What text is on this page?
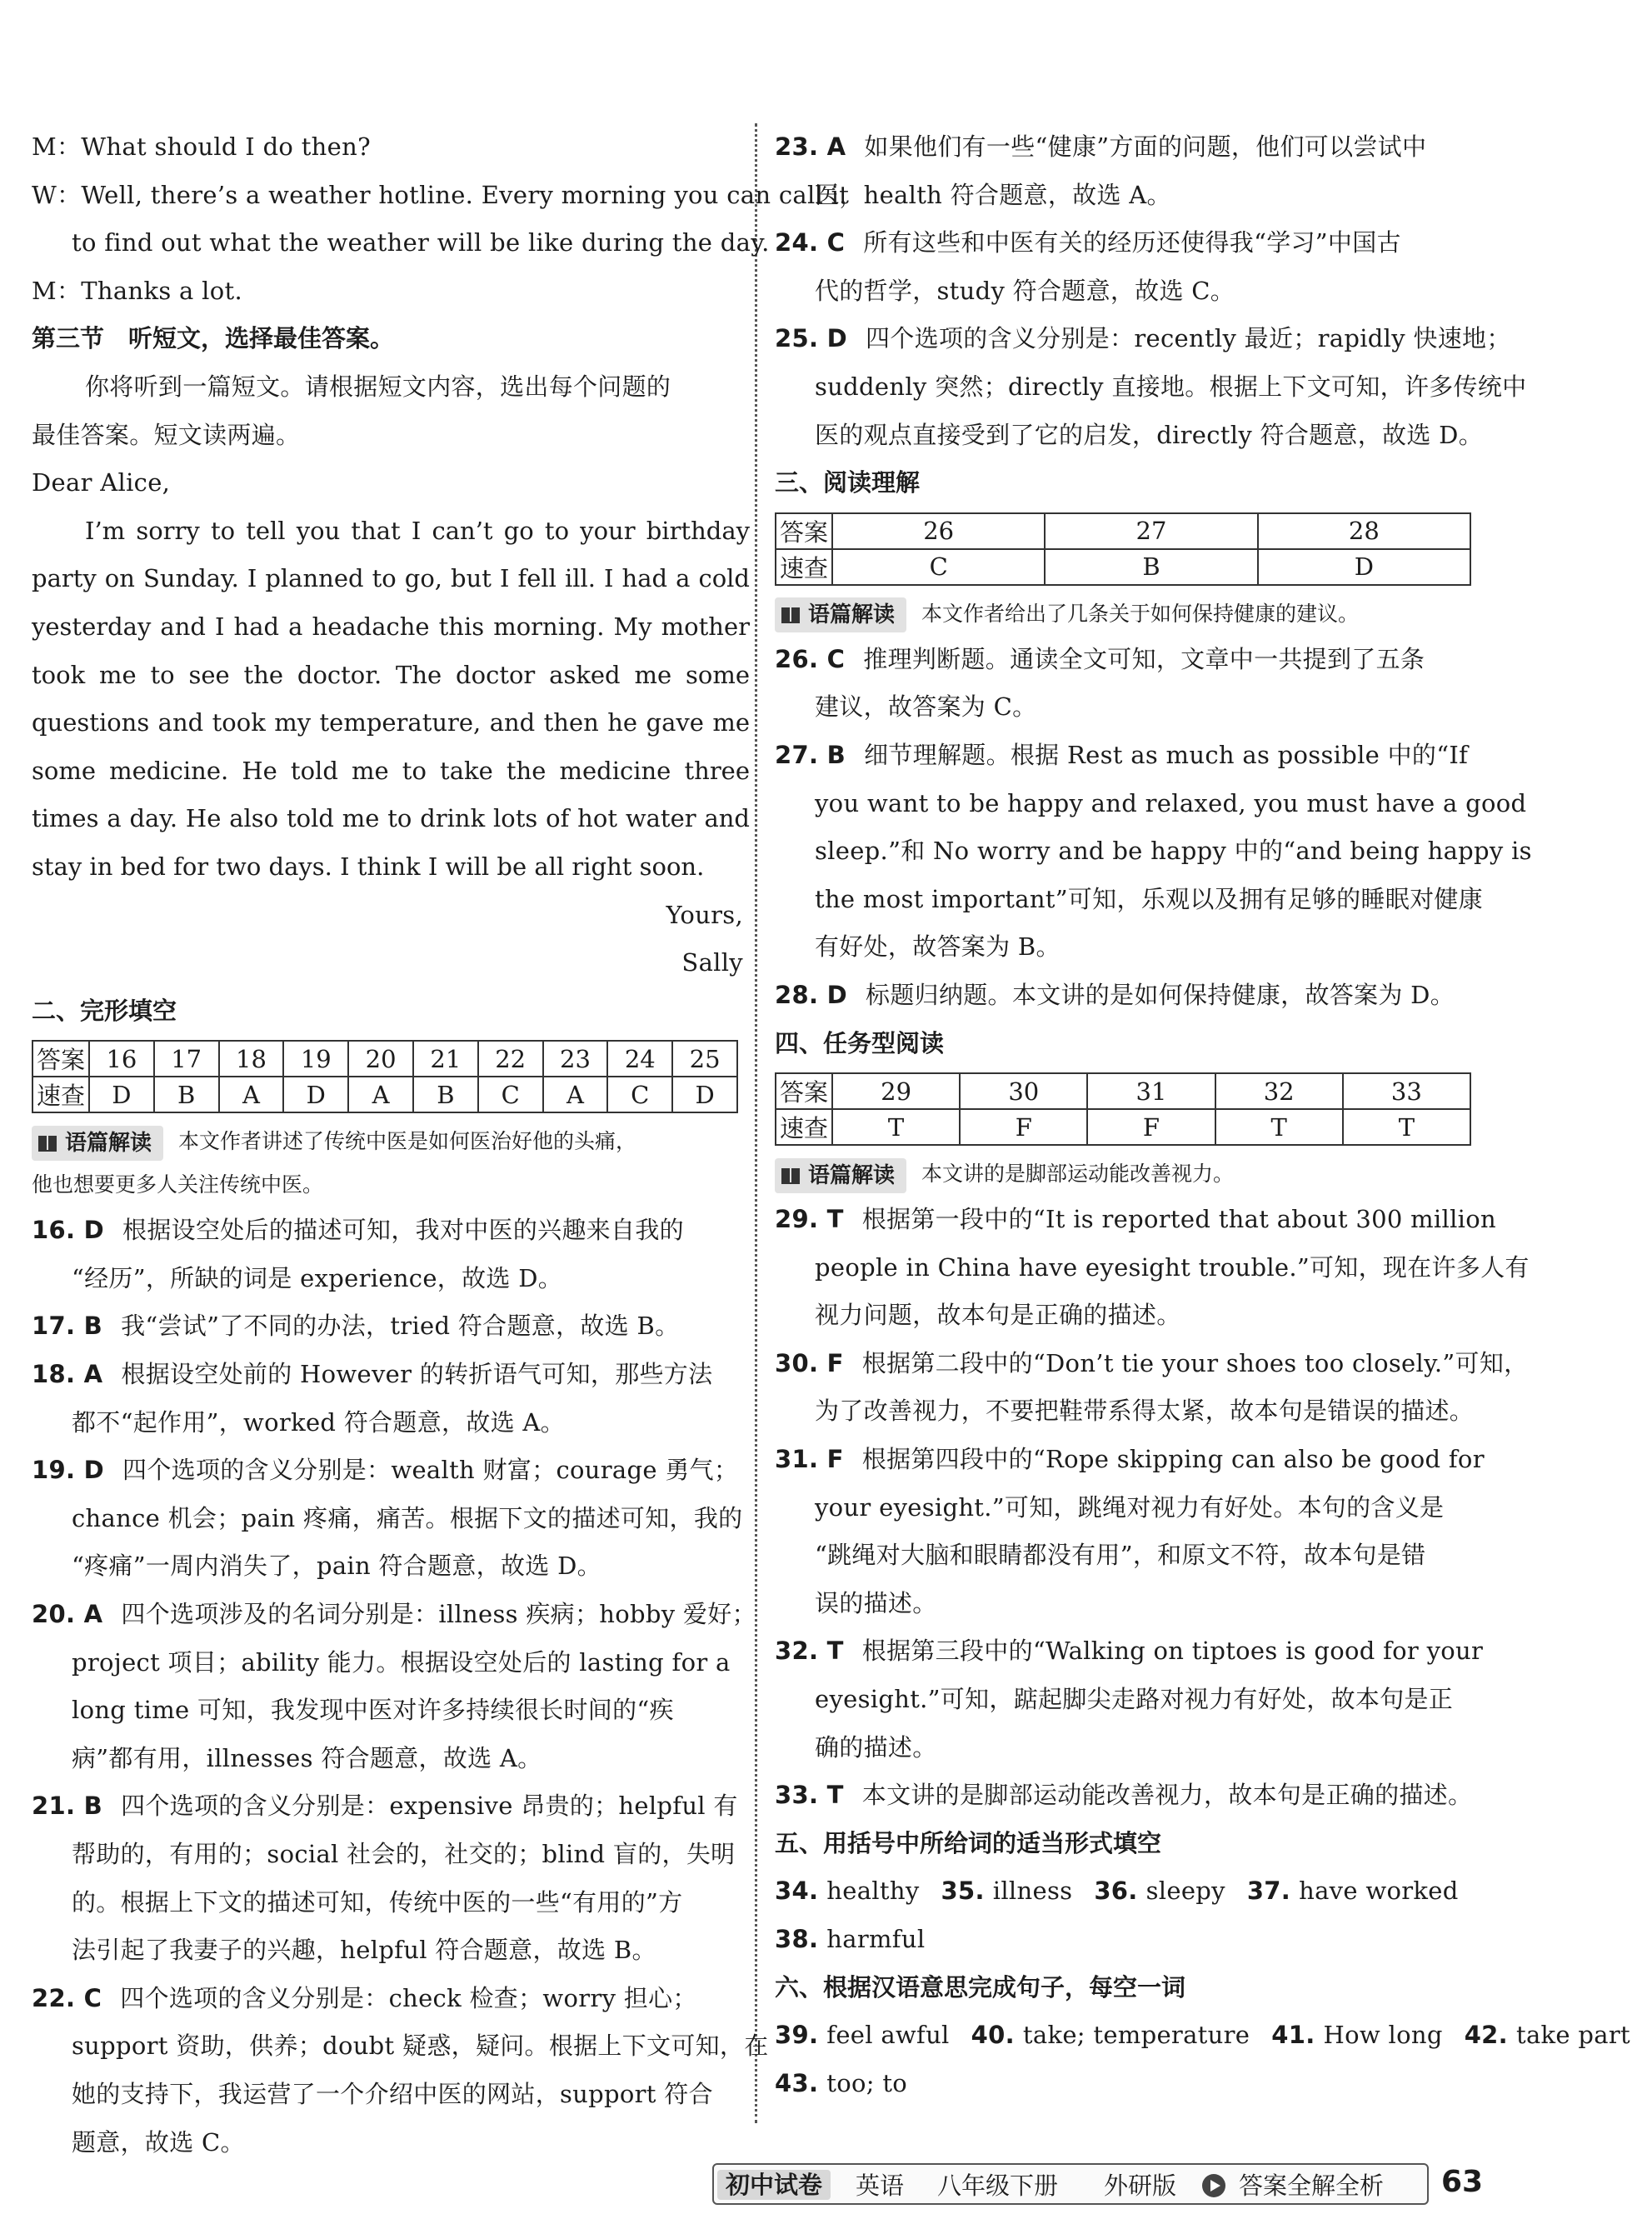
M：What should I do then?
W：Well, there’s a weather hotline. Every morning you can call it
to find out what the weather will be like during the day.
M：Thanks a lot.
第三节　听短文，选择最佳答案。
你将听到一篇短文。请根据短文内容，选出每个问题的
最佳答案。短文读两遍。
Dear Alice,
I’m sorry to tell you that I can’t go to your birthday party on Sunday. I planned to go, but I fell ill. I had a cold yesterday and I had a headache this morning. My mother took me to see the doctor. The doctor asked me some questions and took my temperature, and then he gave me some medicine. He told me to take the medicine three times a day. He also told me to drink lots of hot water and stay in bed for two days. I think I will be all right soon.
Yours,
Sally
二、完形填空
答案	16	17	18	19	20	21	22	23	24	25
速查	D	B	A	D	A	B	C	A	C	D
语篇解读 本文作者讲述了传统中医是如何医治好他的头痛，
他也想要更多人关注传统中医。
16. D 根据设空处后的描述可知，我对中医的兴趣来自我的
“经历”，所缺的词是 experience，故选 D。
17. B 我“尝试”了不同的办法，tried 符合题意，故选 B。
18. A 根据设空处前的 However 的转折语气可知，那些方法
都不“起作用”，worked 符合题意，故选 A。
19. D 四个选项的含义分别是：wealth 财富；courage 勇气；
chance 机会；pain 疼痛，痛苦。根据下文的描述可知，我的
“疼痛”一周内消失了，pain 符合题意，故选 D。
20. A 四个选项涉及的名词分别是：illness 疾病；hobby 爱好；
project 项目；ability 能力。根据设空处后的 lasting for a
long time 可知，我发现中医对许多持续很长时间的“疾
病”都有用，illnesses 符合题意，故选 A。
21. B 四个选项的含义分别是：expensive 昂贵的；helpful 有
帮助的，有用的；social 社会的，社交的；blind 盲的，失明
的。根据上下文的描述可知，传统中医的一些“有用的”方
法引起了我妻子的兴趣，helpful 符合题意，故选 B。
22. C 四个选项的含义分别是：check 检查；worry 担心；
support 资助，供养；doubt 疑惑，疑问。根据上下文可知，在
她的支持下，我运营了一个介绍中医的网站，support 符合
题意，故选 C。
23. A 如果他们有一些“健康”方面的问题，他们可以尝试中
医，health 符合题意，故选 A。
24. C 所有这些和中医有关的经历还使得我“学习”中国古
代的哲学，study 符合题意，故选 C。
25. D 四个选项的含义分别是：recently 最近；rapidly 快速地；
suddenly 突然；directly 直接地。根据上下文可知，许多传统中
医的观点直接受到了它的启发，directly 符合题意，故选 D。
三、阅读理解
答案	26	27	28
速查	C	B	D
语篇解读 本文作者给出了几条关于如何保持健康的建议。
26. C 推理判断题。通读全文可知，文章中一共提到了五条
建议，故答案为 C。
27. B 细节理解题。根据 Rest as much as possible 中的“If
you want to be happy and relaxed, you must have a good
sleep.”和 No worry and be happy 中的“and being happy is
the most important”可知，乐观以及拥有足够的睡眠对健康
有好处，故答案为 B。
28. D 标题归纳题。本文讲的是如何保持健康，故答案为 D。
四、任务型阅读
答案	29	30	31	32	33
速查	T	F	F	T	T
语篇解读 本文讲的是脚部运动能改善视力。
29. T 根据第一段中的“It is reported that about 300 million
people in China have eyesight trouble.”可知，现在许多人有
视力问题，故本句是正确的描述。
30. F 根据第二段中的“Don’t tie your shoes too closely.”可知，
为了改善视力，不要把鞋带系得太紧，故本句是错误的描述。
31. F 根据第四段中的“Rope skipping can also be good for
your eyesight.”可知，跳绳对视力有好处。本句的含义是
“跳绳对大脑和眼睛都没有用”，和原文不符，故本句是错
误的描述。
32. T 根据第三段中的“Walking on tiptoes is good for your
eyesight.”可知，踮起脚尖走路对视力有好处，故本句是正
确的描述。
33. T 本文讲的是脚部运动能改善视力，故本句是正确的描述。
五、用括号中所给词的适当形式填空
34. healthy 35. illness 36. sleepy 37. have worked
38. harmful
六、根据汉语意思完成句子，每空一词
39. feel awful 40. take; temperature 41. How long 42. take part
43. too; to
初中试卷	英语 八年级下册 外研版	答案全解全析 63
